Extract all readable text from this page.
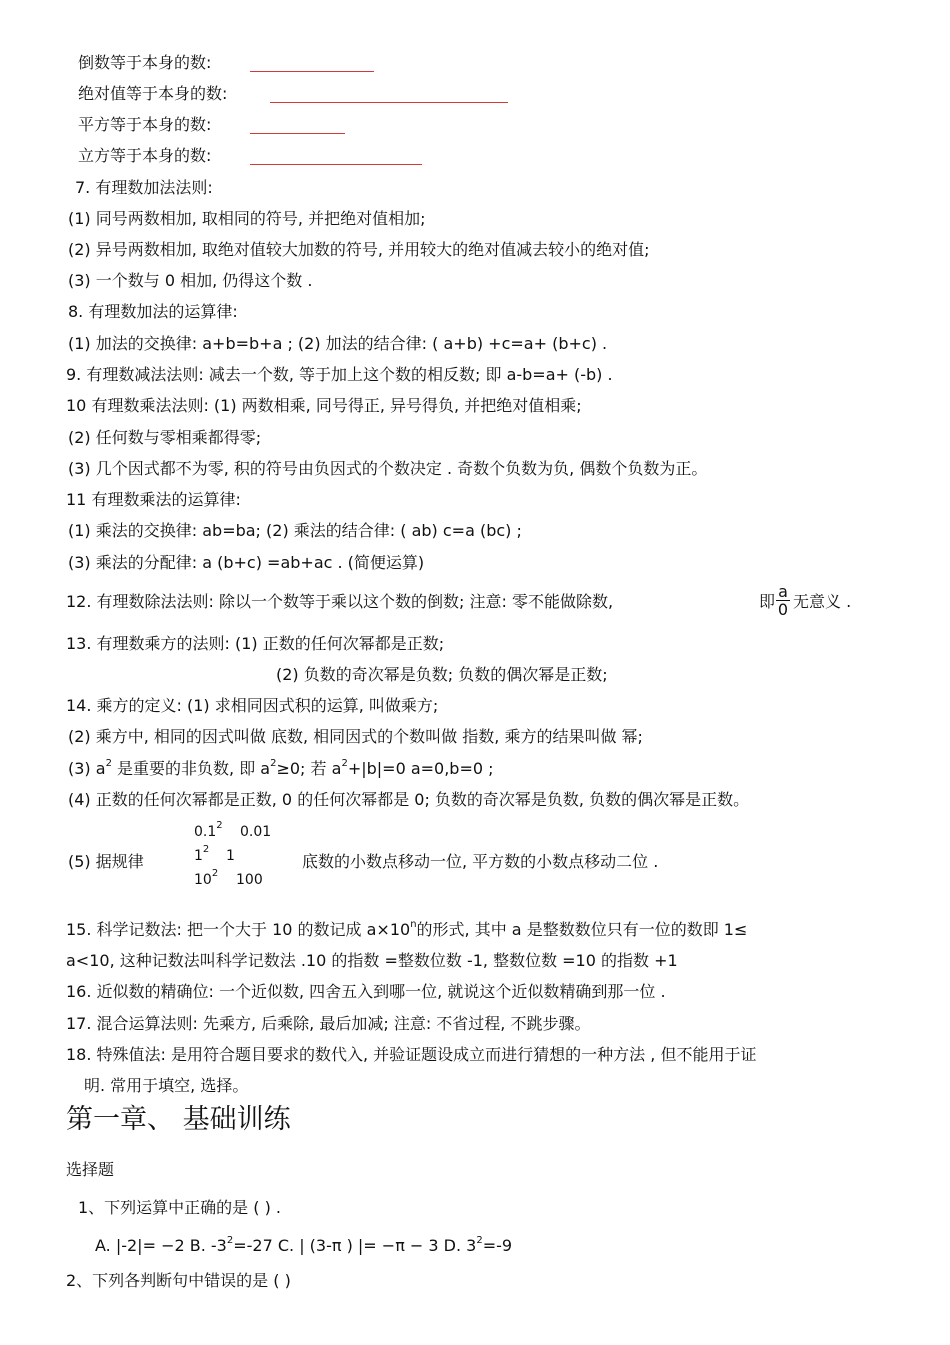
倒数等于本身的数:
绝对值等于本身的数:
平方等于本身的数:
立方等于本身的数:
7. 有理数加法法则:
(1) 同号两数相加, 取相同的符号, 并把绝对值相加;
(2) 异号两数相加, 取绝对值较大加数的符号, 并用较大的绝对值减去较小的绝对值;
(3) 一个数与 0 相加, 仍得这个数 .
8. 有理数加法的运算律:
(1) 加法的交换律: a+b=b+a ; (2) 加法的结合律: ( a+b) +c=a+ (b+c) .
9. 有理数减法法则: 减去一个数, 等于加上这个数的相反数; 即 a-b=a+ (-b) .
10 有理数乘法法则: (1) 两数相乘, 同号得正, 异号得负, 并把绝对值相乘;
(2) 任何数与零相乘都得零;
(3) 几个因式都不为零, 积的符号由负因式的个数决定 . 奇数个负数为负, 偶数个负数为正。
11 有理数乘法的运算律:
(1) 乘法的交换律: ab=ba; (2) 乘法的结合律: ( ab) c=a (bc) ;
(3) 乘法的分配律: a (b+c) =ab+ac . (简便运算)
12. 有理数除法法则: 除以一个数等于乘以这个数的倒数; 注意: 零不能做除数,	即 $\frac{a}{0}$ 无意义 .
13. 有理数乘方的法则: (1) 正数的任何次幂都是正数;
(2) 负数的奇次幂是负数; 负数的偶次幂是正数;
14. 乘方的定义: (1) 求相同因式积的运算, 叫做乘方;
(2) 乘方中, 相同的因式叫做 底数, 相同因式的个数叫做 指数, 乘方的结果叫做 幂;
(3) $a^2$ 是重要的非负数, 即 $a^2\ge 0$; 若 $a^2+|b|=0$ a=0,b=0 ;
(4) 正数的任何次幂都是正数, 0 的任何次幂都是 0; 负数的奇次幂是负数, 负数的偶次幂是正数。
$0.1^2$ 0.01
$1^2$ 1
$10^2$ 100
(5) 据规律	底数的小数点移动一位, 平方数的小数点移动二位 .
15. 科学记数法: 把一个大于 10 的数记成 $a\times 10^n$的形式, 其中 a 是整数数位只有一位的数即 1≤
a<10, 这种记数法叫科学记数法 .10 的指数 =整数位数 -1, 整数位数 =10 的指数 +1
16. 近似数的精确位: 一个近似数, 四舍五入到哪一位, 就说这个近似数精确到那一位 .
17. 混合运算法则: 先乘方, 后乘除, 最后加减; 注意: 不省过程, 不跳步骤。
18. 特殊值法: 是用符合题目要求的数代入, 并验证题设成立而进行猜想的一种方法 , 但不能用于证
明. 常用于填空, 选择。
第一章、 基础训练
选择题
1、下列运算中正确的是 ( ) .
A. |-2|= −2 B. $-3^2=-27$ C. | (3-π ) |= −π − 3 D. $3^2=-9$
2、下列各判断句中错误的是 ( )
